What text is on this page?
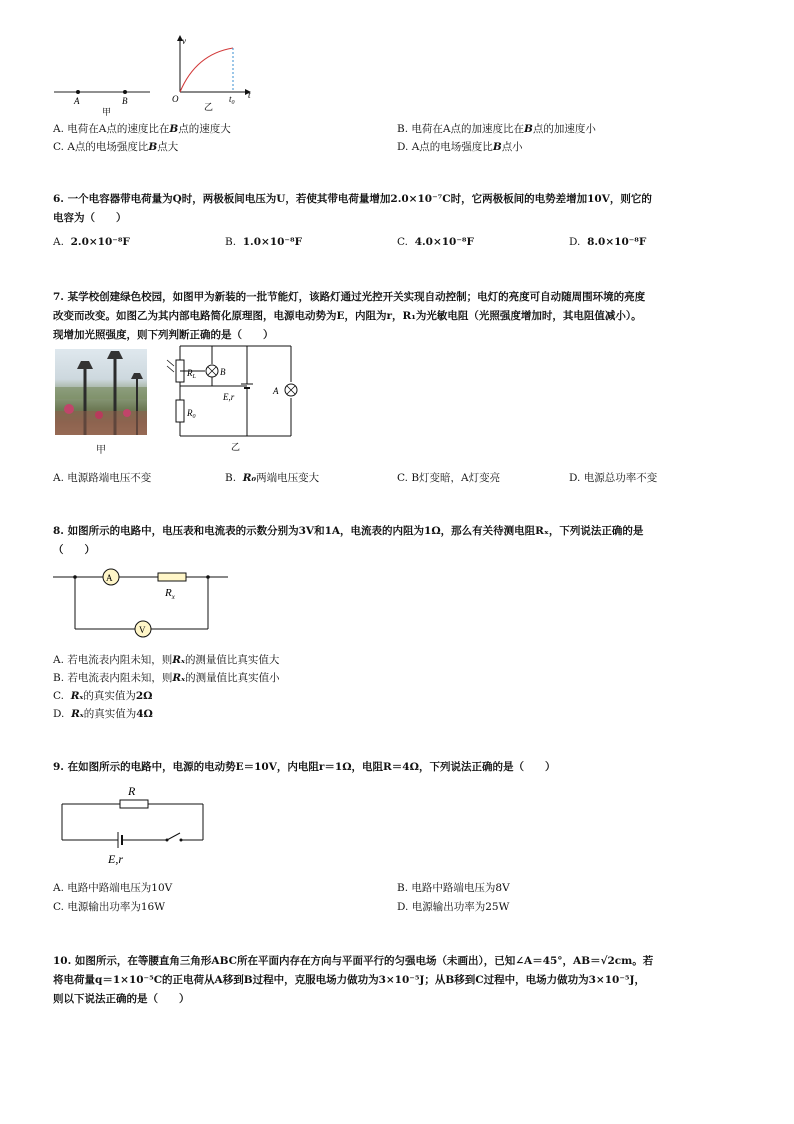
A	B
甲
v
O	$t_0$
t
乙
A. 电荷在A点的速度比在B点的速度大	B. 电荷在A点的加速度比在B点的加速度小
C. A点的电场强度比B点大	D. A点的电场强度比B点小
6. 一个电容器带电荷量为Q时，两极板间电压为U，若使其带电荷量增加2.0×10⁻⁷C时，它两极板间的电势差增加10V，则它的
电容为（　　）
A. 2.0×10⁻⁸F	B. 1.0×10⁻⁸F	C. 4.0×10⁻⁸F	D. 8.0×10⁻⁸F
7. 某学校创建绿色校园，如图甲为新装的一批节能灯，该路灯通过光控开关实现自动控制；电灯的亮度可自动随周围环境的亮度
改变而改变。如图乙为其内部电路简化原理图，电源电动势为E，内阻为r，R₁为光敏电阻（光照强度增加时，其电阻值减小）。
现增加光照强度，则下列判断正确的是（　　）
甲
$R_L$	B
E,r
A
$R_0$
乙
A. 电源路端电压不变	B. R₀两端电压变大	C. B灯变暗，A灯变亮	D. 电源总功率不变
8. 如图所示的电路中，电压表和电流表的示数分别为3V和1A，电流表的内阻为1Ω，那么有关待测电阻Rₓ，下列说法正确的是
（　　）
A
V
$R_x$
A. 若电流表内阻未知，则Rₓ的测量值比真实值大
B. 若电流表内阻未知，则Rₓ的测量值比真实值小
C. Rₓ的真实值为2Ω
D. Rₓ的真实值为4Ω
9. 在如图所示的电路中，电源的电动势E＝10V，内电阻r＝1Ω，电阻R＝4Ω，下列说法正确的是（　　）
R
E,r
A. 电路中路端电压为10V	B. 电路中路端电压为8V
C. 电源输出功率为16W	D. 电源输出功率为25W
10. 如图所示，在等腰直角三角形ABC所在平面内存在方向与平面平行的匀强电场（未画出），已知∠A＝45°，AB＝√2cm。若
将电荷量q＝1×10⁻⁵C的正电荷从A移到B过程中，克服电场力做功为3×10⁻⁵J；从B移到C过程中，电场力做功为3×10⁻⁵J，
则以下说法正确的是（　　）
